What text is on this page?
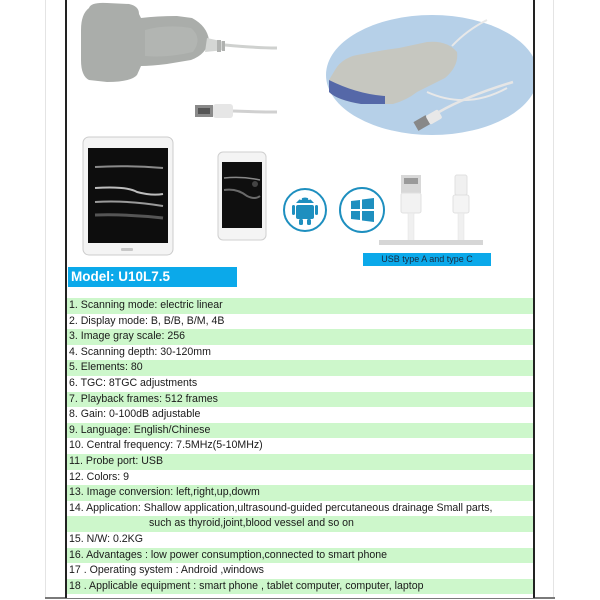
Model: U10L7.5
USB type A and type C
1. Scanning mode: electric linear
2. Display mode: B, B/B, B/M, 4B
3. Image gray scale: 256
4. Scanning depth: 30-120mm
5. Elements: 80
6. TGC: 8TGC adjustments
7. Playback frames: 512 frames
8. Gain: 0-100dB adjustable
9. Language: English/Chinese
10. Central frequency: 7.5MHz(5-10MHz)
11. Probe port: USB
12. Colors: 9
13. Image conversion: left,right,up,dowm
14. Application: Shallow application,ultrasound-guided percutaneous drainage Small parts,
such as thyroid,joint,blood vessel and so on
15. N/W: 0.2KG
16. Advantages : low power consumption,connected to smart phone
17 . Operating system : Android ,windows
18 . Applicable equipment : smart phone , tablet computer, computer, laptop
